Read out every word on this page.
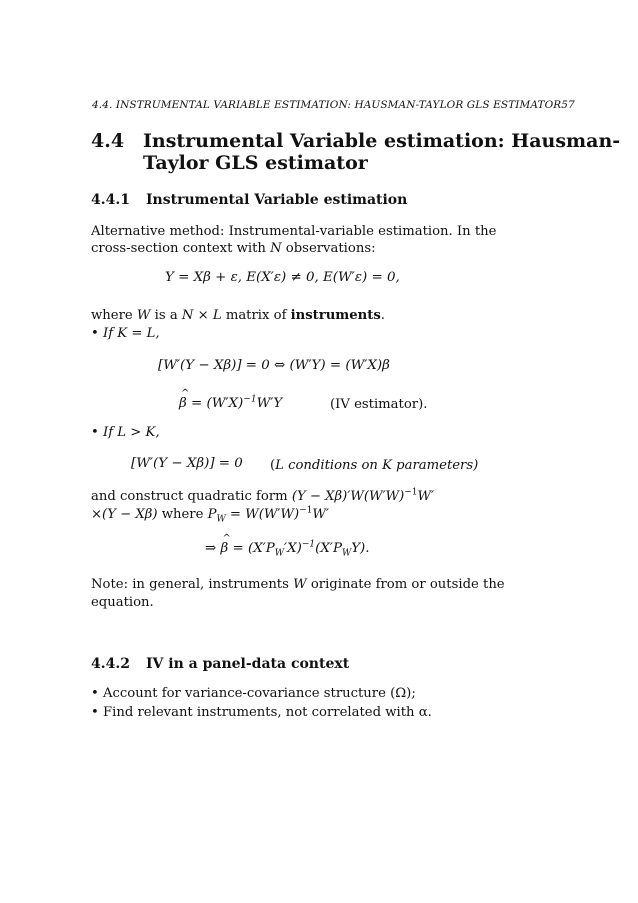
4.4. INSTRUMENTAL VARIABLE ESTIMATION: HAUSMAN-TAYLOR GLS ESTIMATOR57
4.4 Instrumental Variable estimation: Hausman-
Taylor GLS estimator
4.4.1 Instrumental Variable estimation
Alternative method: Instrumental-variable estimation. In the
cross-section context with N observations:
Y = Xβ + ε, E(X′ε) ≠ 0, E(W′ε) = 0,
where W is a N × L matrix of instruments.
• If K = L,
[W′(Y − Xβ)] = 0 ⇔ (W′Y) = (W′X)β
^ $\beta = (W'X)^{-1}W'Y$	(IV estimator).
• If L > K,
[W′(Y − Xβ)] = 0 (L conditions on K parameters)
and construct quadratic form $(Y - X\beta)'W(W'W)^{-1}W'$
×(Y − Xβ) where $P_W = W(W'W)^{-1}W'$
⇒ ^ $\beta = (X'P_W'X)^{-1}(X'P_WY)$.
Note: in general, instruments W originate from or outside the
equation.
4.4.2 IV in a panel-data context
• Account for variance-covariance structure (Ω);
• Find relevant instruments, not correlated with α.
